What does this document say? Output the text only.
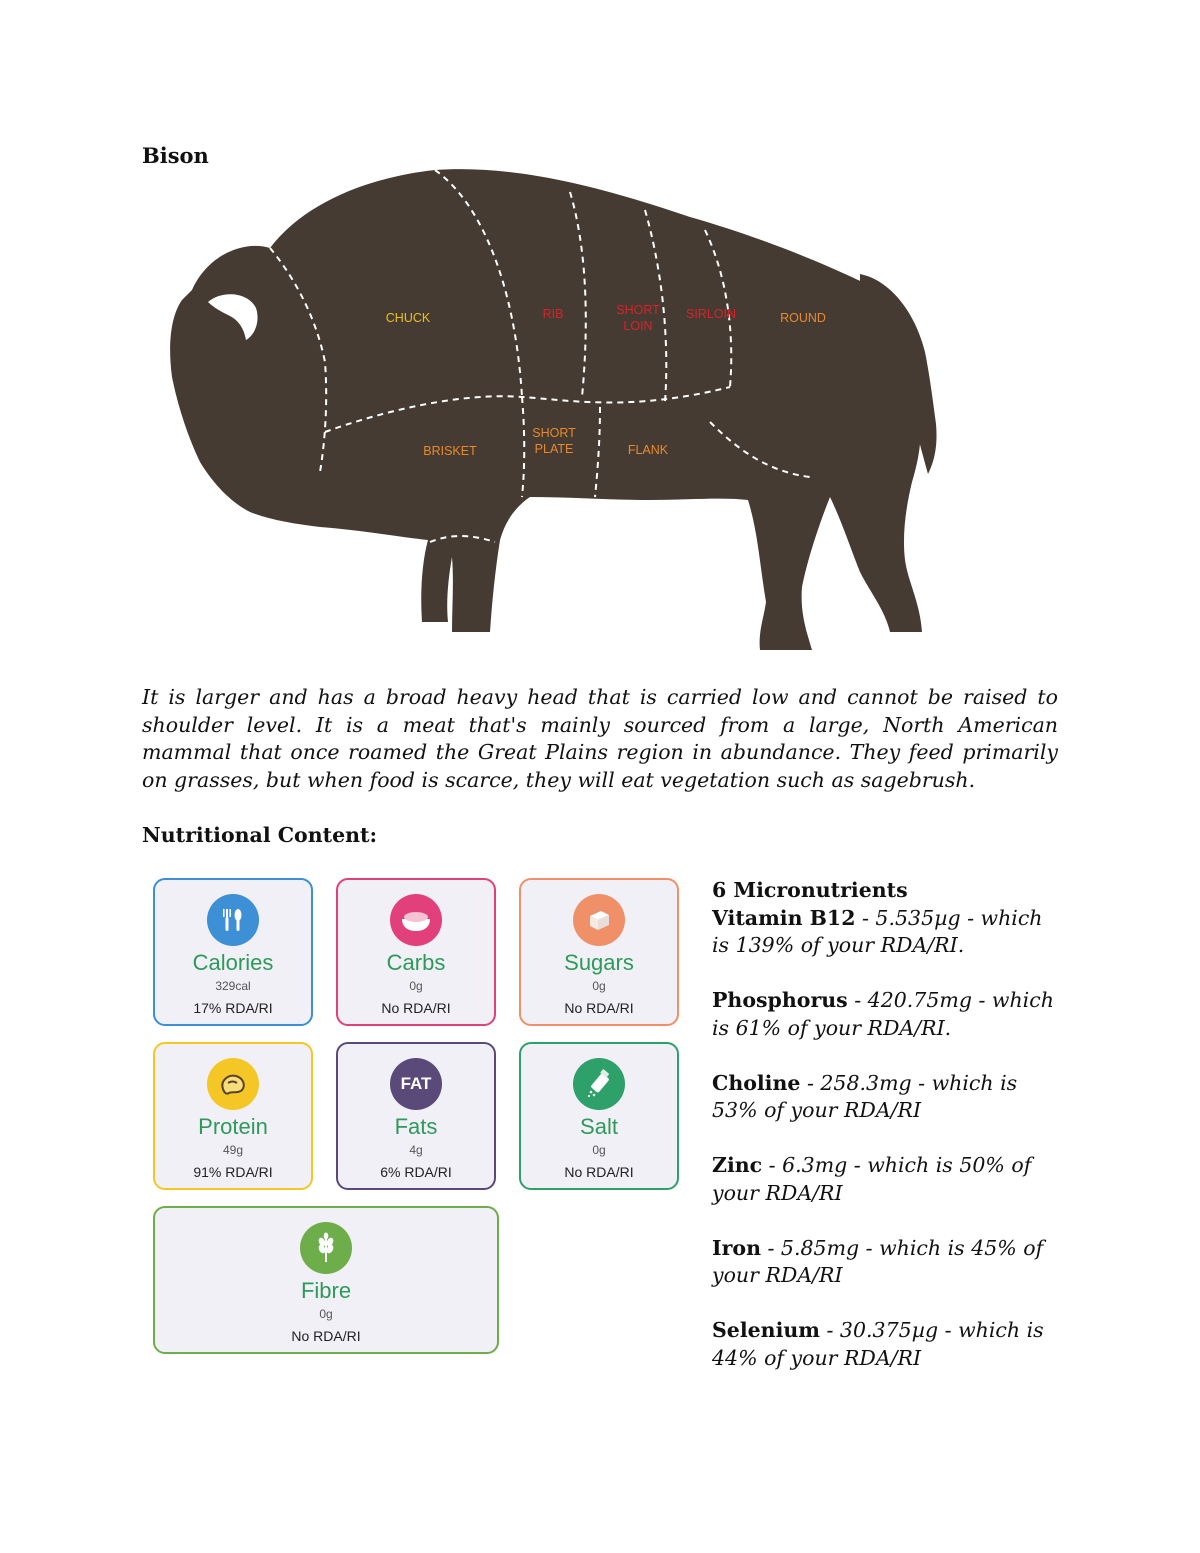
Bison
CHUCK	RIB	SHORT
LOIN
SIRLOIN	ROUND
BRISKET
SHORT
PLATE	FLANK
It is larger and has a broad heavy head that is carried low and cannot be raised to shoulder level. It is a meat that's mainly sourced from a large, North American mammal that once roamed the Great Plains region in abundance. They feed primarily on grasses, but when food is scarce, they will eat vegetation such as sagebrush.
Nutritional Content:
Calories
329cal
17% RDA/RI
Carbs
0g
No RDA/RI
Sugars
0g
No RDA/RI
Protein
49g
91% RDA/RI
FAT
Fats
4g
6% RDA/RI
Salt
0g
No RDA/RI
Fibre
0g
No RDA/RI
6 Micronutrients
Vitamin B12 - 5.535µg - which is 139% of your RDA/RI.
Phosphorus - 420.75mg - which is 61% of your RDA/RI.
Choline - 258.3mg - which is 53% of your RDA/RI
Zinc - 6.3mg - which is 50% of your RDA/RI
Iron - 5.85mg - which is 45% of your RDA/RI
Selenium - 30.375µg - which is 44% of your RDA/RI
